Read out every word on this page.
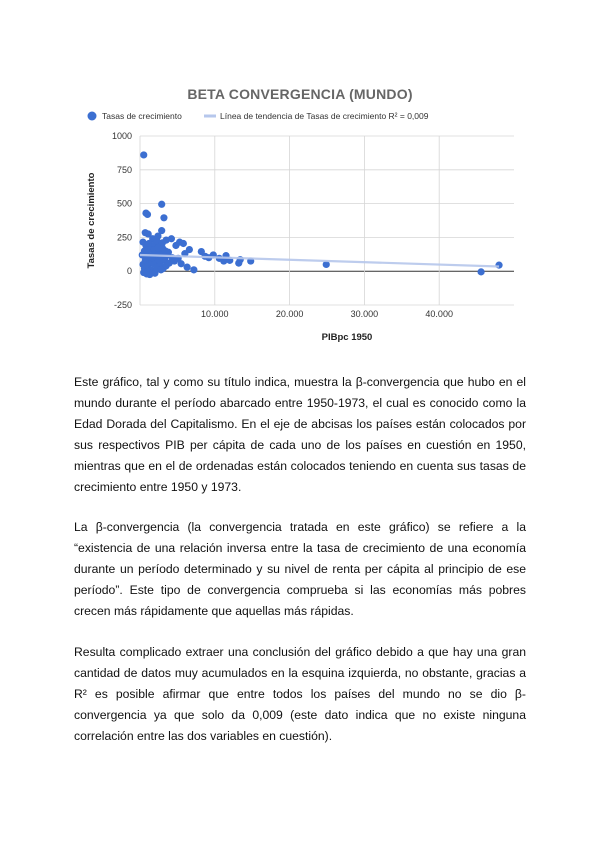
BETA CONVERGENCIA (MUNDO)
1000
750
500
250
0
-250
10.000	20.000	30.000	40.000
PIBpc 1950
Tasas de crecimiento
Tasas de crecimiento	Línea de tendencia de Tasas de crecimiento R² = 0,009
Este gráfico, tal y como su título indica, muestra la β-convergencia que hubo en el mundo durante el período abarcado entre 1950-1973, el cual es conocido como la Edad Dorada del Capitalismo. En el eje de abcisas los países están colocados por sus respectivos PIB per cápita de cada uno de los países en cuestión en 1950, mientras que en el de ordenadas están colocados teniendo en cuenta sus tasas de crecimiento entre 1950 y 1973.
La β-convergencia (la convergencia tratada en este gráfico) se refiere a la “existencia de una relación inversa entre la tasa de crecimiento de una economía durante un período determinado y su nivel de renta per cápita al principio de ese período”. Este tipo de convergencia comprueba si las economías más pobres crecen más rápidamente que aquellas más rápidas.
Resulta complicado extraer una conclusión del gráfico debido a que hay una gran cantidad de datos muy acumulados en la esquina izquierda, no obstante, gracias a R² es posible afirmar que entre todos los países del mundo no se dio β-convergencia ya que solo da 0,009 (este dato indica que no existe ninguna correlación entre las dos variables en cuestión).
